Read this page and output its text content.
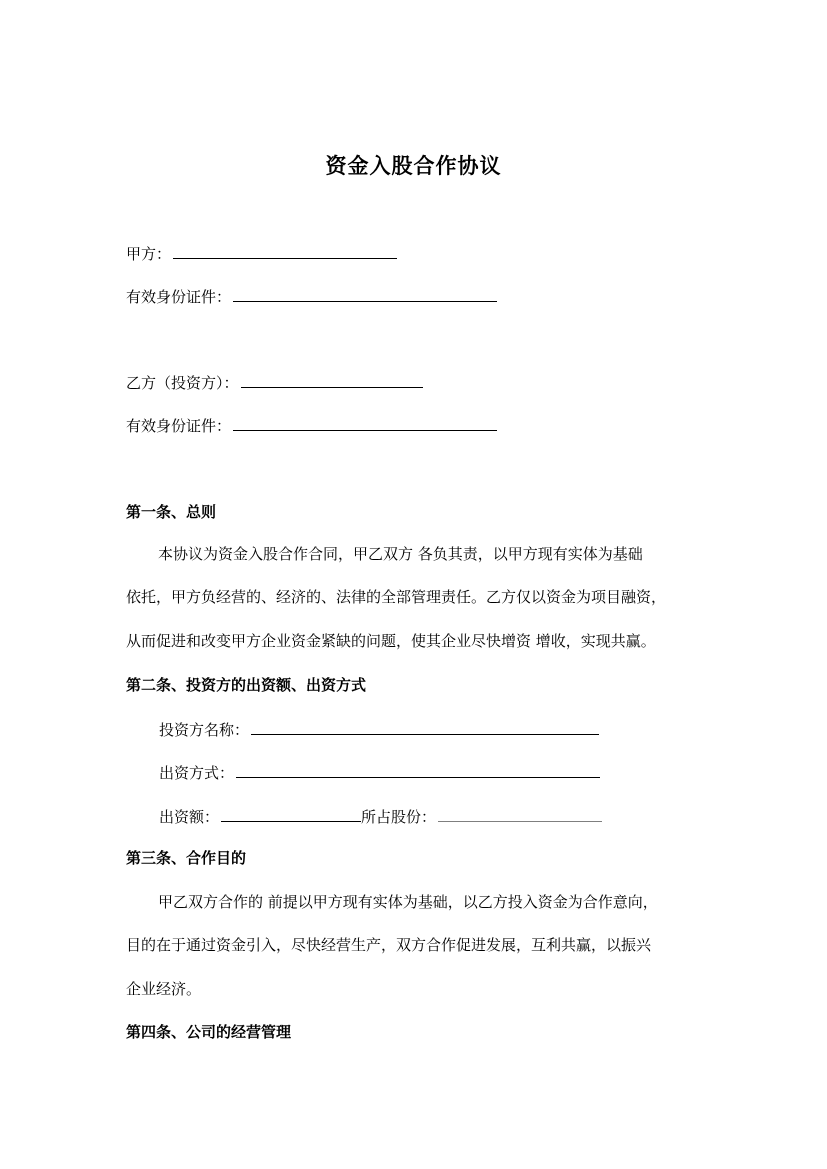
资金入股合作协议
甲方：
有效身份证件：
乙方（投资方）：
有效身份证件：
第一条、总则
本协议为资金入股合作合同，甲乙双方 各负其责，以甲方现有实体为基础
依托，甲方负经营的、经济的、法律的全部管理责任。乙方仅以资金为项目融资，
从而促进和改变甲方企业资金紧缺的问题，使其企业尽快增资 增收，实现共赢。
第二条、投资方的出资额、出资方式
投资方名称：
出资方式：
出资额：	所占股份：
第三条、合作目的
甲乙双方合作的 前提以甲方现有实体为基础，以乙方投入资金为合作意向，
目的在于通过资金引入，尽快经营生产，双方合作促进发展，互利共赢，以振兴
企业经济。
第四条、公司的经营管理
